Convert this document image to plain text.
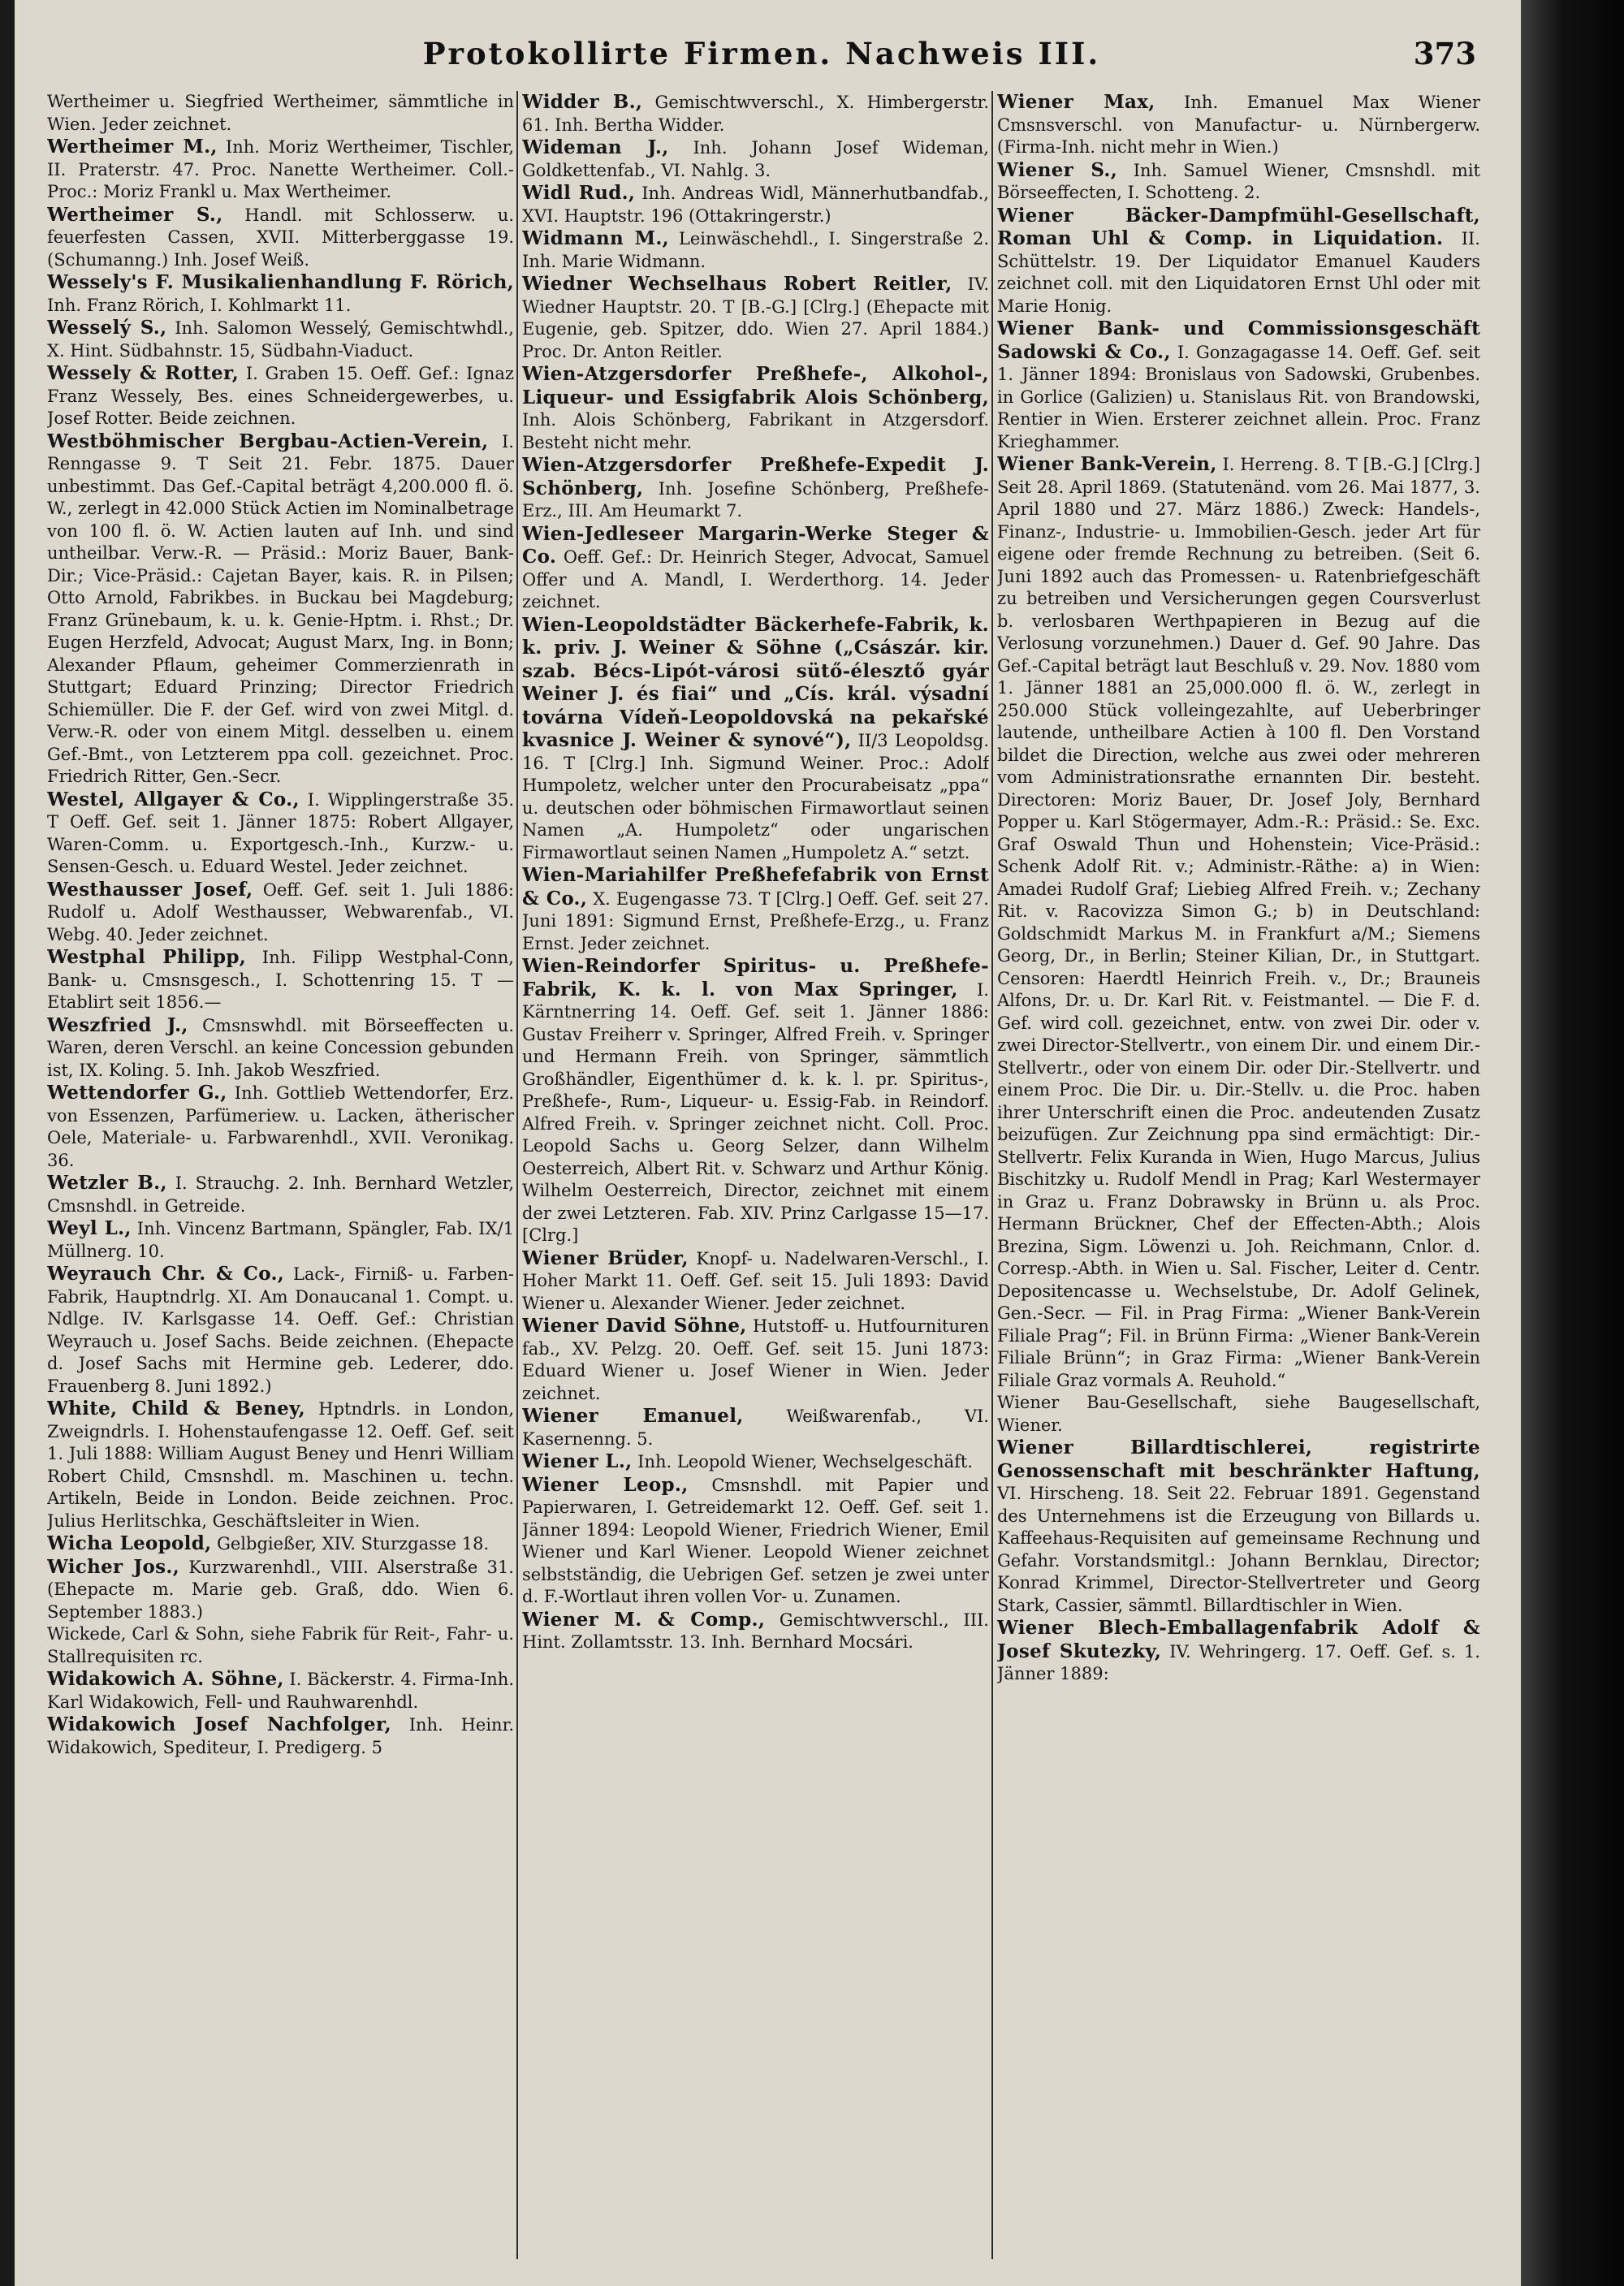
Protokollirte Firmen. Nachweis III.	373

Wertheimer u. Siegfried Wertheimer, sämmtliche in Wien. Jeder zeichnet.

Wertheimer M., Inh. Moriz Wertheimer, Tischler, II. Praterstr. 47. Proc. Nanette Wertheimer. Coll.-Proc.: Moriz Frankl u. Max Wertheimer.

Wertheimer S., Handl. mit Schlosserw. u. feuerfesten Cassen, XVII. Mitterberggasse 19. (Schumanng.) Inh. Josef Weiß.

Wessely's F. Musikalienhandlung F. Rörich, Inh. Franz Rörich, I. Kohlmarkt 11.

Wesselý S., Inh. Salomon Wesselý, Gemischtwhdl., X. Hint. Südbahnstr. 15, Südbahn-Viaduct.

Wessely & Rotter, I. Graben 15. Oeff. Gef.: Ignaz Franz Wessely, Bes. eines Schneidergewerbes, u. Josef Rotter. Beide zeichnen.

Westböhmischer Bergbau-Actien-Verein, I. Renngasse 9. T Seit 21. Febr. 1875. Dauer unbestimmt. Das Gef.-Capital beträgt 4,200.000 fl. ö. W., zerlegt in 42.000 Stück Actien im Nominalbetrage von 100 fl. ö. W. Actien lauten auf Inh. und sind untheilbar. Verw.-R. — Präsid.: Moriz Bauer, Bank-Dir.; Vice-Präsid.: Cajetan Bayer, kais. R. in Pilsen; Otto Arnold, Fabrikbes. in Buckau bei Magdeburg; Franz Grünebaum, k. u. k. Genie-Hptm. i. Rhst.; Dr. Eugen Herzfeld, Advocat; August Marx, Ing. in Bonn; Alexander Pflaum, geheimer Commerzienrath in Stuttgart; Eduard Prinzing; Director Friedrich Schiemüller. Die F. der Gef. wird von zwei Mitgl. d. Verw.-R. oder von einem Mitgl. desselben u. einem Gef.-Bmt., von Letzterem ppa coll. gezeichnet. Proc. Friedrich Ritter, Gen.-Secr.

Westel, Allgayer & Co., I. Wipplingerstraße 35. T Oeff. Gef. seit 1. Jänner 1875: Robert Allgayer, Waren-Comm. u. Exportgesch.-Inh., Kurzw.- u. Sensen-Gesch. u. Eduard Westel. Jeder zeichnet.

Westhausser Josef, Oeff. Gef. seit 1. Juli 1886: Rudolf u. Adolf Westhausser, Webwarenfab., VI. Webg. 40. Jeder zeichnet.

Westphal Philipp, Inh. Filipp Westphal-Conn, Bank- u. Cmsnsgesch., I. Schottenring 15. T —Etablirt seit 1856.—

Weszfried J., Cmsnswhdl. mit Börseeffecten u. Waren, deren Verschl. an keine Concession gebunden ist, IX. Koling. 5. Inh. Jakob Weszfried.

Wettendorfer G., Inh. Gottlieb Wettendorfer, Erz. von Essenzen, Parfümeriew. u. Lacken, ätherischer Oele, Materiale- u. Farbwarenhdl., XVII. Veronikag. 36.

Wetzler B., I. Strauchg. 2. Inh. Bernhard Wetzler, Cmsnshdl. in Getreide.

Weyl L., Inh. Vincenz Bartmann, Spängler, Fab. IX/1 Müllnerg. 10.

Weyrauch Chr. & Co., Lack-, Firniß- u. Farben-Fabrik, Hauptndrlg. XI. Am Donaucanal 1. Compt. u. Ndlge. IV. Karlsgasse 14. Oeff. Gef.: Christian Weyrauch u. Josef Sachs. Beide zeichnen. (Ehepacte d. Josef Sachs mit Hermine geb. Lederer, ddo. Frauenberg 8. Juni 1892.)

White, Child & Beney, Hptndrls. in London, Zweigndrls. I. Hohenstaufengasse 12. Oeff. Gef. seit 1. Juli 1888: William August Beney und Henri William Robert Child, Cmsnshdl. m. Maschinen u. techn. Artikeln, Beide in London. Beide zeichnen. Proc. Julius Herlitschka, Geschäftsleiter in Wien.

Wicha Leopold, Gelbgießer, XIV. Sturzgasse 18.

Wicher Jos., Kurzwarenhdl., VIII. Alserstraße 31. (Ehepacte m. Marie geb. Graß, ddo. Wien 6. September 1883.)

Wickede, Carl & Sohn, siehe Fabrik für Reit-, Fahr- u. Stallrequisiten rc.

Widakowich A. Söhne, I. Bäckerstr. 4. Firma-Inh. Karl Widakowich, Fell- und Rauhwarenhdl.

Widakowich Josef Nachfolger, Inh. Heinr. Widakowich, Spediteur, I. Predigerg. 5

Widder B., Gemischtwverschl., X. Himbergerstr. 61. Inh. Bertha Widder.

Wideman J., Inh. Johann Josef Wideman, Goldkettenfab., VI. Nahlg. 3.

Widl Rud., Inh. Andreas Widl, Männerhutbandfab., XVI. Hauptstr. 196 (Ottakringerstr.)

Widmann M., Leinwäschehdl., I. Singerstraße 2. Inh. Marie Widmann.

Wiedner Wechselhaus Robert Reitler, IV. Wiedner Hauptstr. 20. T [B.-G.] [Clrg.] (Ehepacte mit Eugenie, geb. Spitzer, ddo. Wien 27. April 1884.) Proc. Dr. Anton Reitler.

Wien-Atzgersdorfer Preßhefe-, Alkohol-, Liqueur- und Essigfabrik Alois Schönberg, Inh. Alois Schönberg, Fabrikant in Atzgersdorf. Besteht nicht mehr.

Wien-Atzgersdorfer Preßhefe-Expedit J. Schönberg, Inh. Josefine Schönberg, Preßhefe-Erz., III. Am Heumarkt 7.

Wien-Jedleseer Margarin-Werke Steger & Co. Oeff. Gef.: Dr. Heinrich Steger, Advocat, Samuel Offer und A. Mandl, I. Werderthorg. 14. Jeder zeichnet.

Wien-Leopoldstädter Bäckerhefe-Fabrik, k. k. priv. J. Weiner & Söhne („Császár. kir. szab. Bécs-Lipót-városi sütő-élesztő gyár Weiner J. és fiai“ und „Cís. král. výsadní továrna Vídeň-Leopoldovská na pekařské kvasnice J. Weiner & synové“), II/3 Leopoldsg. 16. T [Clrg.] Inh. Sigmund Weiner. Proc.: Adolf Humpoletz, welcher unter den Procurabeisatz „ppa“ u. deutschen oder böhmischen Firmawortlaut seinen Namen „A. Humpoletz“ oder ungarischen Firmawortlaut seinen Namen „Humpoletz A.“ setzt.

Wien-Mariahilfer Preßhefefabrik von Ernst & Co., X. Eugengasse 73. T [Clrg.] Oeff. Gef. seit 27. Juni 1891: Sigmund Ernst, Preßhefe-Erzg., u. Franz Ernst. Jeder zeichnet.

Wien-Reindorfer Spiritus- u. Preßhefe-Fabrik, K. k. l. von Max Springer, I. Kärntnerring 14. Oeff. Gef. seit 1. Jänner 1886: Gustav Freiherr v. Springer, Alfred Freih. v. Springer und Hermann Freih. von Springer, sämmtlich Großhändler, Eigenthümer d. k. k. l. pr. Spiritus-, Preßhefe-, Rum-, Liqueur- u. Essig-Fab. in Reindorf. Alfred Freih. v. Springer zeichnet nicht. Coll. Proc. Leopold Sachs u. Georg Selzer, dann Wilhelm Oesterreich, Albert Rit. v. Schwarz und Arthur König. Wilhelm Oesterreich, Director, zeichnet mit einem der zwei Letzteren. Fab. XIV. Prinz Carlgasse 15—17. [Clrg.]

Wiener Brüder, Knopf- u. Nadelwaren-Verschl., I. Hoher Markt 11. Oeff. Gef. seit 15. Juli 1893: David Wiener u. Alexander Wiener. Jeder zeichnet.

Wiener David Söhne, Hutstoff- u. Hutfournituren fab., XV. Pelzg. 20. Oeff. Gef. seit 15. Juni 1873: Eduard Wiener u. Josef Wiener in Wien. Jeder zeichnet.

Wiener Emanuel,	Weißwarenfab., VI. Kasernenng. 5.

Wiener L., Inh. Leopold Wiener, Wechselgeschäft.

Wiener Leop., Cmsnshdl. mit Papier und Papierwaren, I. Getreidemarkt 12. Oeff. Gef. seit 1. Jänner 1894: Leopold Wiener, Friedrich Wiener, Emil Wiener und Karl Wiener. Leopold Wiener zeichnet selbstständig, die Uebrigen Gef. setzen je zwei unter d. F.-Wortlaut ihren vollen Vor- u. Zunamen.

Wiener M. & Comp., Gemischtwverschl., III. Hint. Zollamtsstr. 13. Inh. Bernhard Mocsári.

Wiener Max, Inh. Emanuel Max Wiener Cmsnsverschl. von Manufactur- u. Nürnbergerw. (Firma-Inh. nicht mehr in Wien.)

Wiener S., Inh. Samuel Wiener, Cmsnshdl. mit Börseeffecten, I. Schotteng. 2.

Wiener Bäcker-Dampfmühl-Gesellschaft, Roman Uhl & Comp. in Liquidation. II. Schüttelstr. 19. Der Liquidator Emanuel Kauders zeichnet coll. mit den Liquidatoren Ernst Uhl oder mit Marie Honig.

Wiener Bank- und Commissionsgeschäft Sadowski & Co., I. Gonzagagasse 14. Oeff. Gef. seit 1. Jänner 1894: Bronislaus von Sadowski, Grubenbes. in Gorlice (Galizien) u. Stanislaus Rit. von Brandowski, Rentier in Wien. Ersterer zeichnet allein. Proc. Franz Krieghammer.

Wiener Bank-Verein, I. Herreng. 8. T [B.-G.] [Clrg.] Seit 28. April 1869. (Statutenänd. vom 26. Mai 1877, 3. April 1880 und 27. März 1886.) Zweck: Handels-, Finanz-, Industrie- u. Immobilien-Gesch. jeder Art für eigene oder fremde Rechnung zu betreiben. (Seit 6. Juni 1892 auch das Promessen- u. Ratenbriefgeschäft zu betreiben und Versicherungen gegen Coursverlust b. verlosbaren Werthpapieren in Bezug auf die Verlosung vorzunehmen.) Dauer d. Gef. 90 Jahre. Das Gef.-Capital beträgt laut Beschluß v. 29. Nov. 1880 vom 1. Jänner 1881 an 25,000.000 fl. ö. W., zerlegt in 250.000 Stück volleingezahlte, auf Ueberbringer lautende, untheilbare Actien à 100 fl. Den Vorstand bildet die Direction, welche aus zwei oder mehreren vom Administrationsrathe ernannten Dir. besteht. Directoren: Moriz Bauer, Dr. Josef Joly, Bernhard Popper u. Karl Stögermayer, Adm.-R.: Präsid.: Se. Exc. Graf Oswald Thun und Hohenstein; Vice-Präsid.: Schenk Adolf Rit. v.; Administr.-Räthe: a) in Wien: Amadei Rudolf Graf; Liebieg Alfred Freih. v.; Zechany Rit. v. Racovizza Simon G.; b) in Deutschland: Goldschmidt Markus M. in Frankfurt a/M.; Siemens Georg, Dr., in Berlin; Steiner Kilian, Dr., in Stuttgart. Censoren: Haerdtl Heinrich Freih. v., Dr.; Brauneis Alfons, Dr. u. Dr. Karl Rit. v. Feistmantel. — Die F. d. Gef. wird coll. gezeichnet, entw. von zwei Dir. oder v. zwei Director-Stellvertr., von einem Dir. und einem Dir.-Stellvertr., oder von einem Dir. oder Dir.-Stellvertr. und einem Proc. Die Dir. u. Dir.-Stellv. u. die Proc. haben ihrer Unterschrift einen die Proc. andeutenden Zusatz beizufügen. Zur Zeichnung ppa sind ermächtigt: Dir.-Stellvertr. Felix Kuranda in Wien, Hugo Marcus, Julius Bischitzky u. Rudolf Mendl in Prag; Karl Westermayer in Graz u. Franz Dobrawsky in Brünn u. als Proc. Hermann Brückner, Chef der Effecten-Abth.; Alois Brezina, Sigm. Löwenzi u. Joh. Reichmann, Cnlor. d. Corresp.-Abth. in Wien u. Sal. Fischer, Leiter d. Centr. Depositencasse u. Wechselstube, Dr. Adolf Gelinek, Gen.-Secr. — Fil. in Prag Firma: „Wiener Bank-Verein Filiale Prag“; Fil. in Brünn Firma: „Wiener Bank-Verein Filiale Brünn“; in Graz Firma: „Wiener Bank-Verein Filiale Graz vormals A. Reuhold.“

Wiener Bau-Gesellschaft, siehe Baugesellschaft, Wiener.

Wiener Billardtischlerei, registrirte Genossenschaft mit beschränkter Haftung, VI. Hirscheng. 18. Seit 22. Februar 1891. Gegenstand des Unternehmens ist die Erzeugung von Billards u. Kaffeehaus-Requisiten auf gemeinsame Rechnung und Gefahr. Vorstandsmitgl.: Johann Bernklau, Director; Konrad Krimmel, Director-Stellvertreter und Georg Stark, Cassier, sämmtl. Billardtischler in Wien.

Wiener Blech-Emballagenfabrik Adolf & Josef Skutezky, IV. Wehringerg. 17. Oeff. Gef. s. 1. Jänner 1889:
